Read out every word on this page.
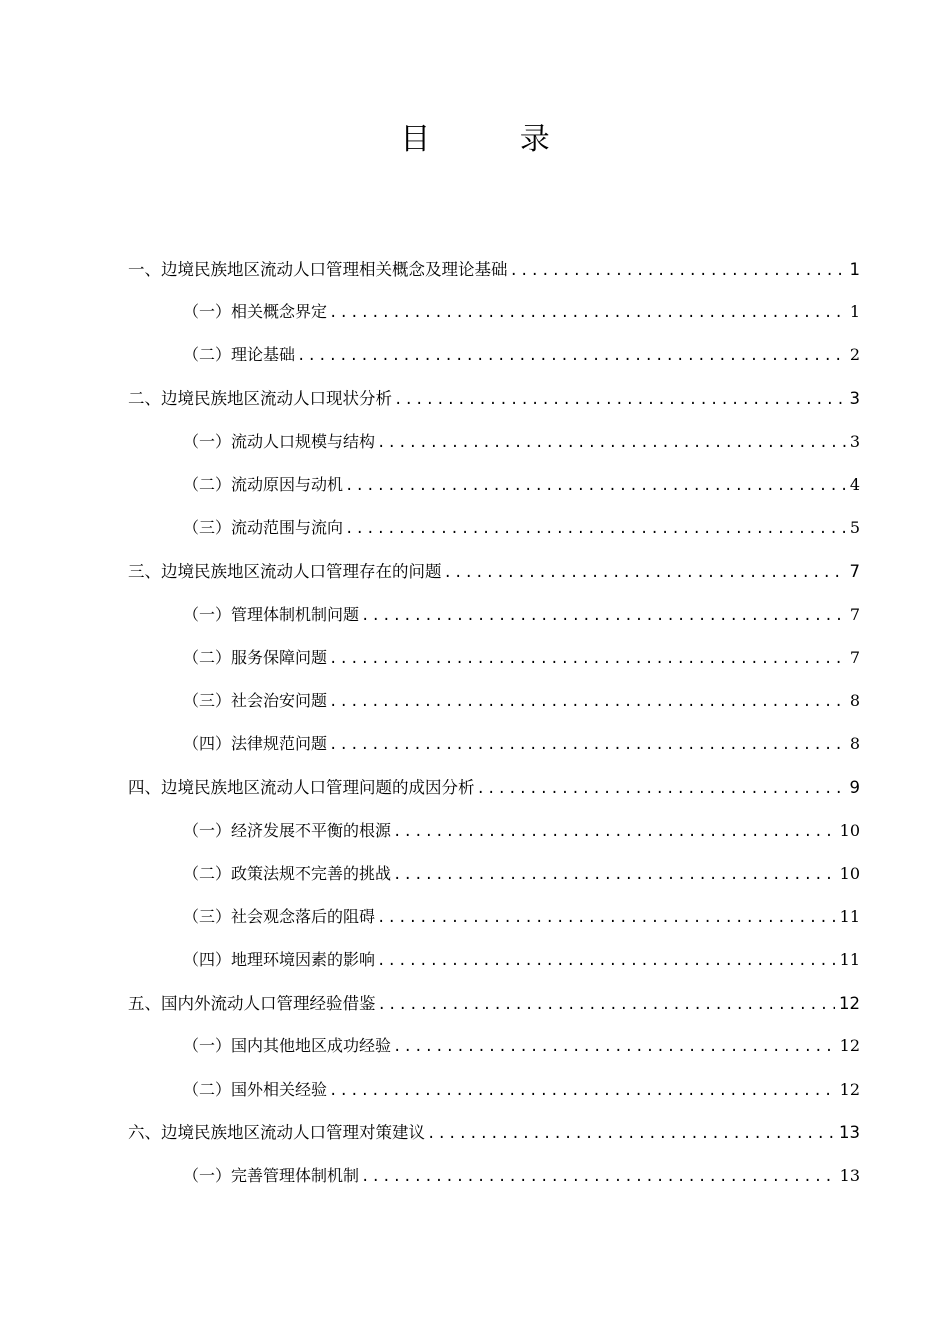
目 录
一、边境民族地区流动人口管理相关概念及理论基础 .....	1
（一）相关概念界定 .....	1
（二）理论基础 .....	2
二、边境民族地区流动人口现状分析 .....	3
（一）流动人口规模与结构 .....	3
（二）流动原因与动机 .....	4
（三）流动范围与流向 .....	5
三、边境民族地区流动人口管理存在的问题 .....	7
（一）管理体制机制问题 .....	7
（二）服务保障问题 .....	7
（三）社会治安问题 .....	8
（四）法律规范问题 .....	8
四、边境民族地区流动人口管理问题的成因分析 .....	9
（一）经济发展不平衡的根源 .....	10
（二）政策法规不完善的挑战 .....	10
（三）社会观念落后的阻碍 .....	11
（四）地理环境因素的影响 .....	11
五、国内外流动人口管理经验借鉴 .....	12
（一）国内其他地区成功经验 .....	12
（二）国外相关经验 .....	12
六、边境民族地区流动人口管理对策建议 .....	13
（一）完善管理体制机制 .....	13
